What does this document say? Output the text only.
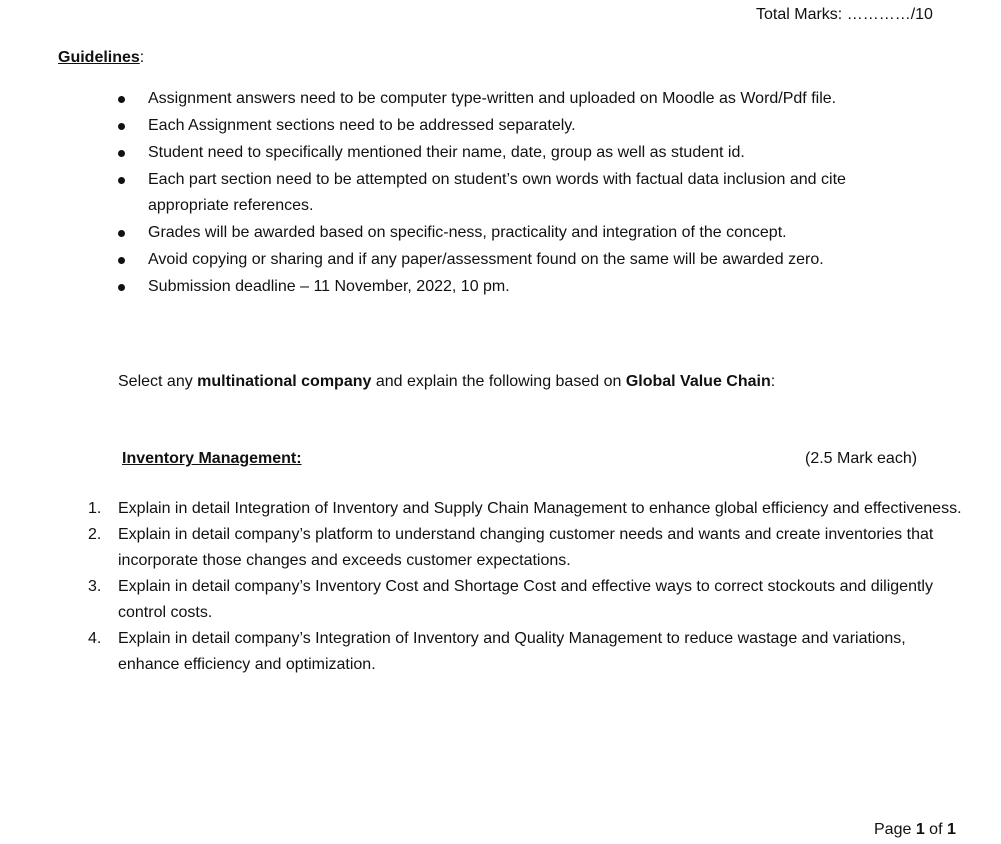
Total Marks: …………/10
Guidelines:
Assignment answers need to be computer type-written and uploaded on Moodle as Word/Pdf file.
Each Assignment sections need to be addressed separately.
Student need to specifically mentioned their name, date, group as well as student id.
Each part section need to be attempted on student’s own words with factual data inclusion and cite appropriate references.
Grades will be awarded based on specific-ness, practicality and integration of the concept.
Avoid copying or sharing and if any paper/assessment found on the same will be awarded zero.
Submission deadline – 11 November, 2022, 10 pm.
Select any multinational company and explain the following based on Global Value Chain:
Inventory Management:	(2.5 Mark each)
1. Explain in detail Integration of Inventory and Supply Chain Management to enhance global efficiency and effectiveness.
2. Explain in detail company’s platform to understand changing customer needs and wants and create inventories that incorporate those changes and exceeds customer expectations.
3. Explain in detail company’s Inventory Cost and Shortage Cost and effective ways to correct stockouts and diligently control costs.
4. Explain in detail company’s Integration of Inventory and Quality Management to reduce wastage and variations, enhance efficiency and optimization.
Page 1 of 1
